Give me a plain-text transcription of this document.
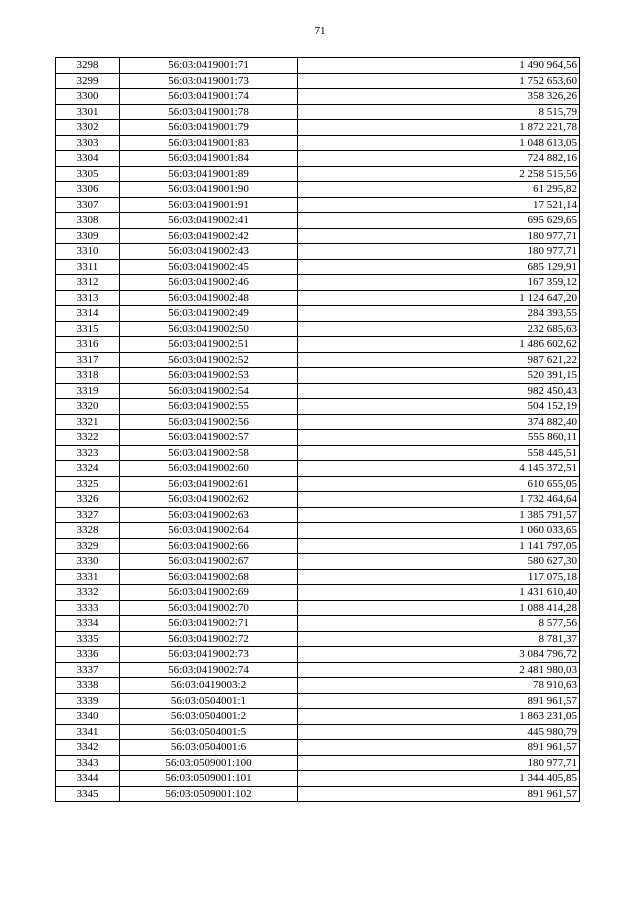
71
3298	56:03:0419001:71	1 490 964,56
3299	56:03:0419001:73	1 752 653,60
3300	56:03:0419001:74	358 326,26
3301	56:03:0419001:78	8 515,79
3302	56:03:0419001:79	1 872 221,78
3303	56:03:0419001:83	1 048 613,05
3304	56:03:0419001:84	724 882,16
3305	56:03:0419001:89	2 258 515,56
3306	56:03:0419001:90	61 295,82
3307	56:03:0419001:91	17 521,14
3308	56:03:0419002:41	695 629,65
3309	56:03:0419002:42	180 977,71
3310	56:03:0419002:43	180 977,71
3311	56:03:0419002:45	685 129,91
3312	56:03:0419002:46	167 359,12
3313	56:03:0419002:48	1 124 647,20
3314	56:03:0419002:49	284 393,55
3315	56:03:0419002:50	232 685,63
3316	56:03:0419002:51	1 486 602,62
3317	56:03:0419002:52	987 621,22
3318	56:03:0419002:53	520 391,15
3319	56:03:0419002:54	982 450,43
3320	56:03:0419002:55	504 152,19
3321	56:03:0419002:56	374 882,40
3322	56:03:0419002:57	555 860,11
3323	56:03:0419002:58	558 445,51
3324	56:03:0419002:60	4 145 372,51
3325	56:03:0419002:61	610 655,05
3326	56:03:0419002:62	1 732 464,64
3327	56:03:0419002:63	1 385 791,57
3328	56:03:0419002:64	1 060 033,65
3329	56:03:0419002:66	1 141 797,05
3330	56:03:0419002:67	580 627,30
3331	56:03:0419002:68	117 075,18
3332	56:03:0419002:69	1 431 610,40
3333	56:03:0419002:70	1 088 414,28
3334	56:03:0419002:71	8 577,56
3335	56:03:0419002:72	8 781,37
3336	56:03:0419002:73	3 084 796,72
3337	56:03:0419002:74	2 481 980,03
3338	56:03:0419003:2	78 910,63
3339	56:03:0504001:1	891 961,57
3340	56:03:0504001:2	1 863 231,05
3341	56:03:0504001:5	445 980,79
3342	56:03:0504001:6	891 961,57
3343	56:03:0509001:100	180 977,71
3344	56:03:0509001:101	1 344 405,85
3345	56:03:0509001:102	891 961,57
